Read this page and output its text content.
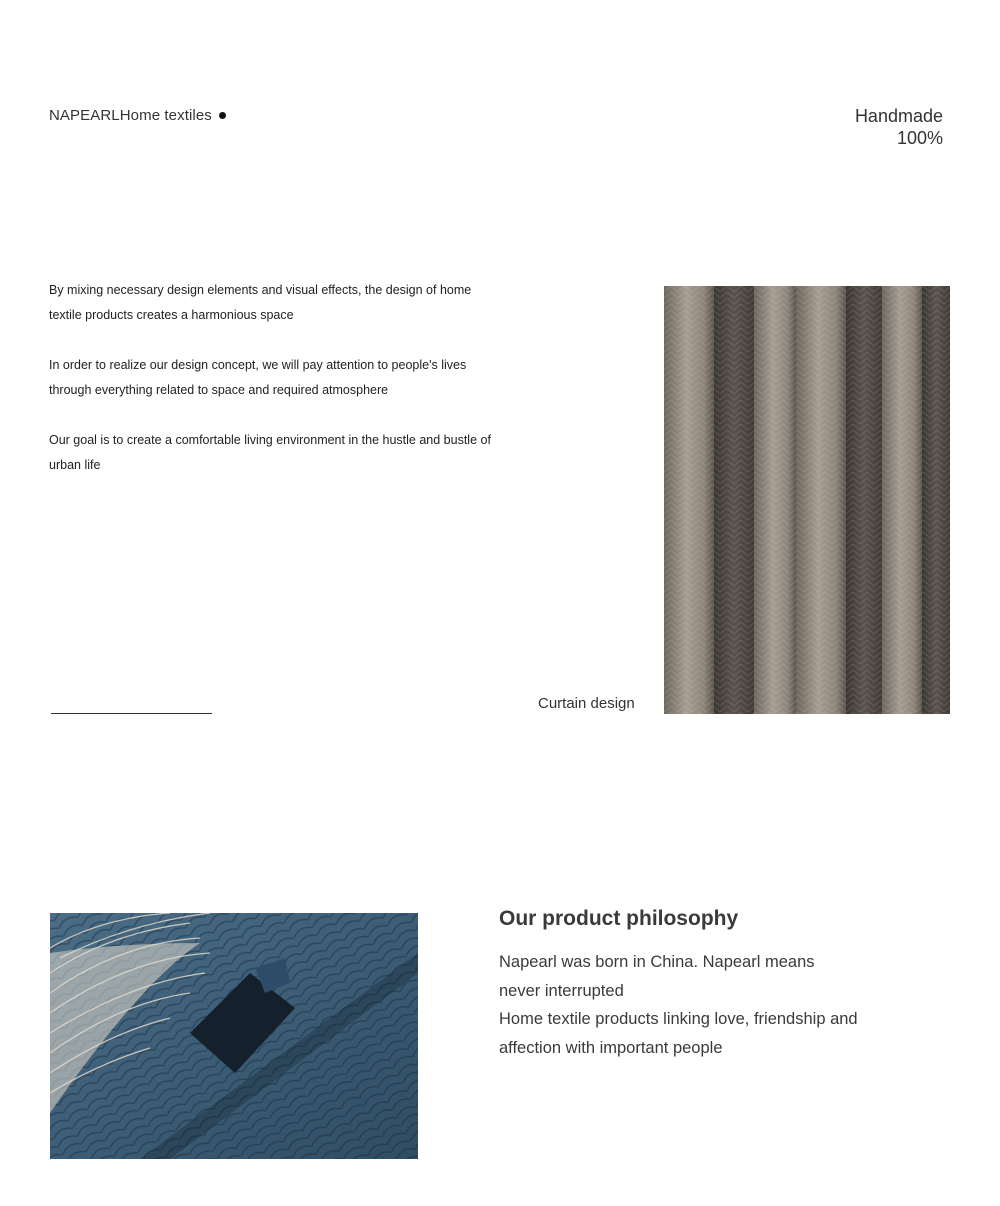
NAPEARLHome textiles	Handmade
100%

By mixing necessary design elements and visual effects, the design of home textile products creates a harmonious space

In order to realize our design concept, we will pay attention to people's lives through everything related to space and required atmosphere

Our goal is to create a comfortable living environment in the hustle and bustle of urban life

Curtain design
Our product philosophy
Napearl was born in China. Napearl means never interrupted
Home textile products linking love, friendship and affection with important people
